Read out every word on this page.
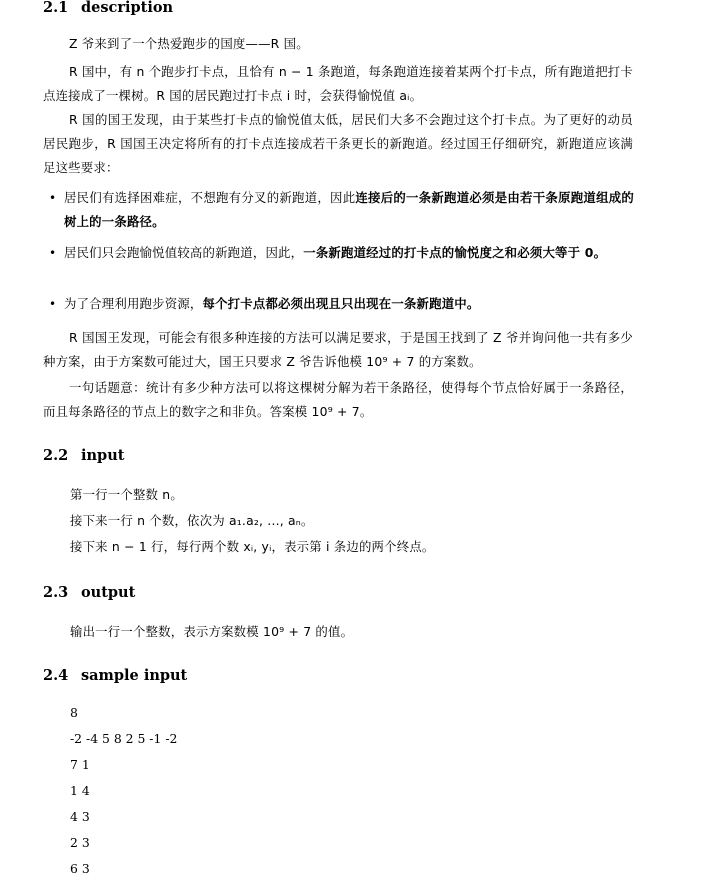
2.1 description
Z 爷来到了一个热爱跑步的国度——R 国。
R 国中，有 n 个跑步打卡点，且恰有 n − 1 条跑道，每条跑道连接着某两个打卡点，所有跑道把打卡点连接成了一棵树。R 国的居民跑过打卡点 i 时，会获得愉悦值 aᵢ。
R 国的国王发现，由于某些打卡点的愉悦值太低，居民们大多不会跑过这个打卡点。为了更好的动员居民跑步，R 国国王决定将所有的打卡点连接成若干条更长的新跑道。经过国王仔细研究，新跑道应该满足这些要求：
• 居民们有选择困难症，不想跑有分叉的新跑道，因此连接后的一条新跑道必须是由若干条原跑道组成的树上的一条路径。
• 居民们只会跑愉悦值较高的新跑道，因此，一条新跑道经过的打卡点的愉悦度之和必须大等于 0。
• 为了合理利用跑步资源，每个打卡点都必须出现且只出现在一条新跑道中。
R 国国王发现，可能会有很多种连接的方法可以满足要求，于是国王找到了 Z 爷并询问他一共有多少种方案，由于方案数可能过大，国王只要求 Z 爷告诉他模 10⁹ + 7 的方案数。
一句话题意：统计有多少种方法可以将这棵树分解为若干条路径，使得每个节点恰好属于一条路径，而且每条路径的节点上的数字之和非负。答案模 10⁹ + 7。
2.2 input
第一行一个整数 n。
接下来一行 n 个数，依次为 a₁.a₂, ..., aₙ。
接下来 n − 1 行，每行两个数 xᵢ, yᵢ，表示第 i 条边的两个终点。
2.3 output
输出一行一个整数，表示方案数模 10⁹ + 7 的值。
2.4 sample input
8
-2 -4 5 8 2 5 -1 -2
7 1
1 4
4 3
2 3
6 3
